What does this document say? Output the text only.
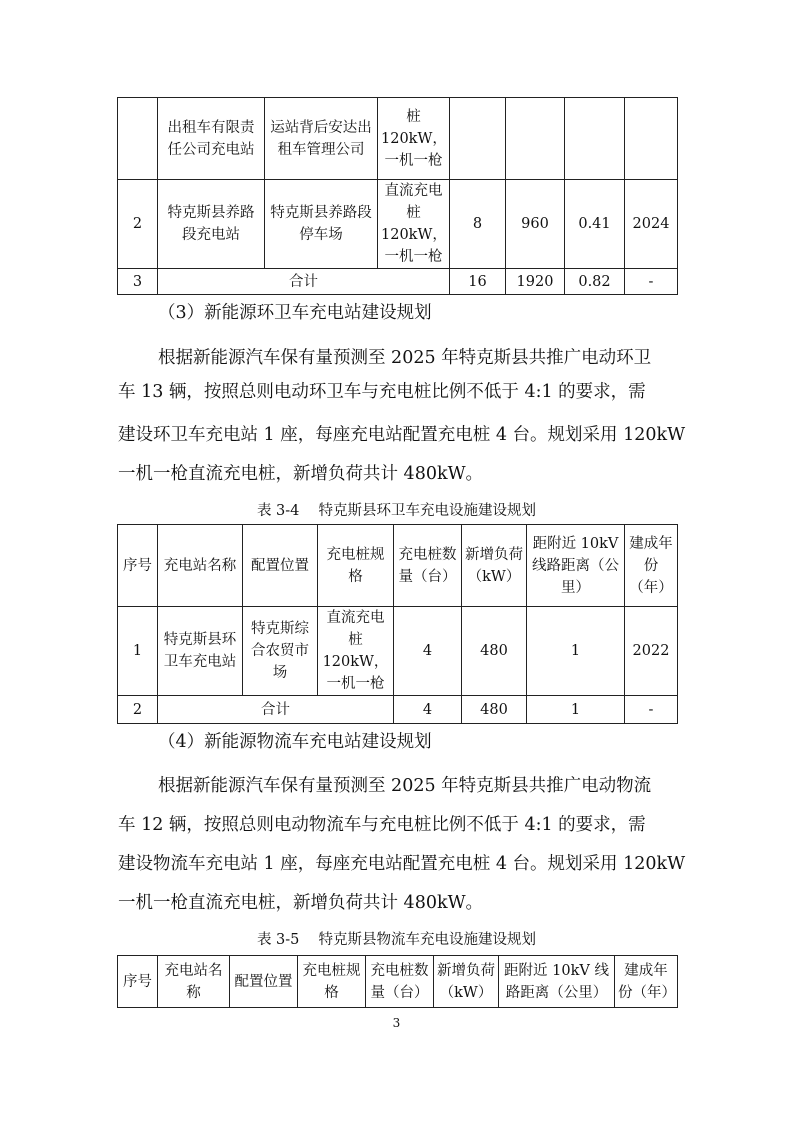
	出租车有限责任公司充电站	运站背后安达出租车管理公司	桩 120kW，一机一枪				
2	特克斯县养路段充电站	特克斯县养路段停车场	直流充电桩 120kW，一机一枪	8	960	0.41	2024
3	合计			16	1920	0.82	-

（3）新能源环卫车充电站建设规划

根据新能源汽车保有量预测至 2025 年特克斯县共推广电动环卫

车 13 辆，按照总则电动环卫车与充电桩比例不低于 4:1 的要求，需

建设环卫车充电站 1 座，每座充电站配置充电桩 4 台。规划采用 120kW

一机一枪直流充电桩，新增负荷共计 480kW。

表 3-4　 特克斯县环卫车充电设施建设规划

序号	充电站名称	配置位置	充电桩规格	充电桩数量（台）	新增负荷（kW）	距附近 10kV 线路距离（公里）	建成年份（年）
1	特克斯县环卫车充电站	特克斯综合农贸市场	直流充电桩 120kW，一机一枪	4	480	1	2022
2	合计			4	480	1	-

（4）新能源物流车充电站建设规划

根据新能源汽车保有量预测至 2025 年特克斯县共推广电动物流

车 12 辆，按照总则电动物流车与充电桩比例不低于 4:1 的要求，需

建设物流车充电站 1 座，每座充电站配置充电桩 4 台。规划采用 120kW

一机一枪直流充电桩，新增负荷共计 480kW。

表 3-5　 特克斯县物流车充电设施建设规划

序号	充电站名称	配置位置	充电桩规格	充电桩数量（台）	新增负荷（kW）	距附近 10kV 线路距离（公里）	建成年份（年）
3
